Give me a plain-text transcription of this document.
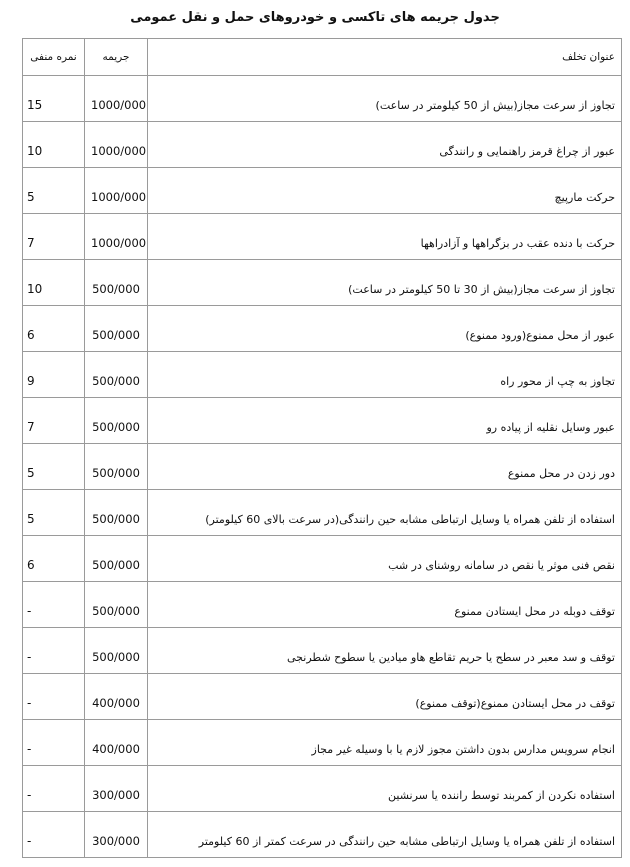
جدول جریمه های تاکسی و خودروهای حمل و نقل عمومی
عنوان تخلف	جریمه	نمره منفی
تجاوز از سرعت مجاز(بیش از 50 کیلومتر در ساعت)	1000/000	15
عبور از چراغ قرمز راهنمایی و رانندگی	1000/000	10
حرکت مارپیچ	1000/000	5
حرکت با دنده عقب در بزگراهها و آزادراهها	1000/000	7
تجاوز از سرعت مجاز(بیش از 30 تا 50 کیلومتر در ساعت)	500/000	10
عبور از محل ممنوع(ورود ممنوع)	500/000	6
تجاوز به چپ از محور راه	500/000	9
عبور وسایل نقلیه از پیاده رو	500/000	7
دور زدن در محل ممنوع	500/000	5
استفاده از تلفن همراه یا وسایل ارتباطی مشابه حین رانندگی(در سرعت بالای 60 کیلومتر)	500/000	5
نقص فنی موثر یا نقص در سامانه روشنای در شب	500/000	6
توقف دوبله در محل ایستادن ممنوع	500/000	-
توقف و سد معبر در سطح یا حریم تقاطع هاو میادین یا سطوح شطرنجی	500/000	-
توقف در محل ایستادن ممنوع(توقف ممنوع)	400/000	-
انجام سرویس مدارس بدون داشتن مجوز لازم یا با وسیله غیر مجاز	400/000	-
استفاده نکردن از کمربند توسط راننده یا سرنشین	300/000	-
استفاده از تلفن همراه یا وسایل ارتباطی مشابه حین رانندگی در سرعت کمتر از 60 کیلومتر	300/000	-
